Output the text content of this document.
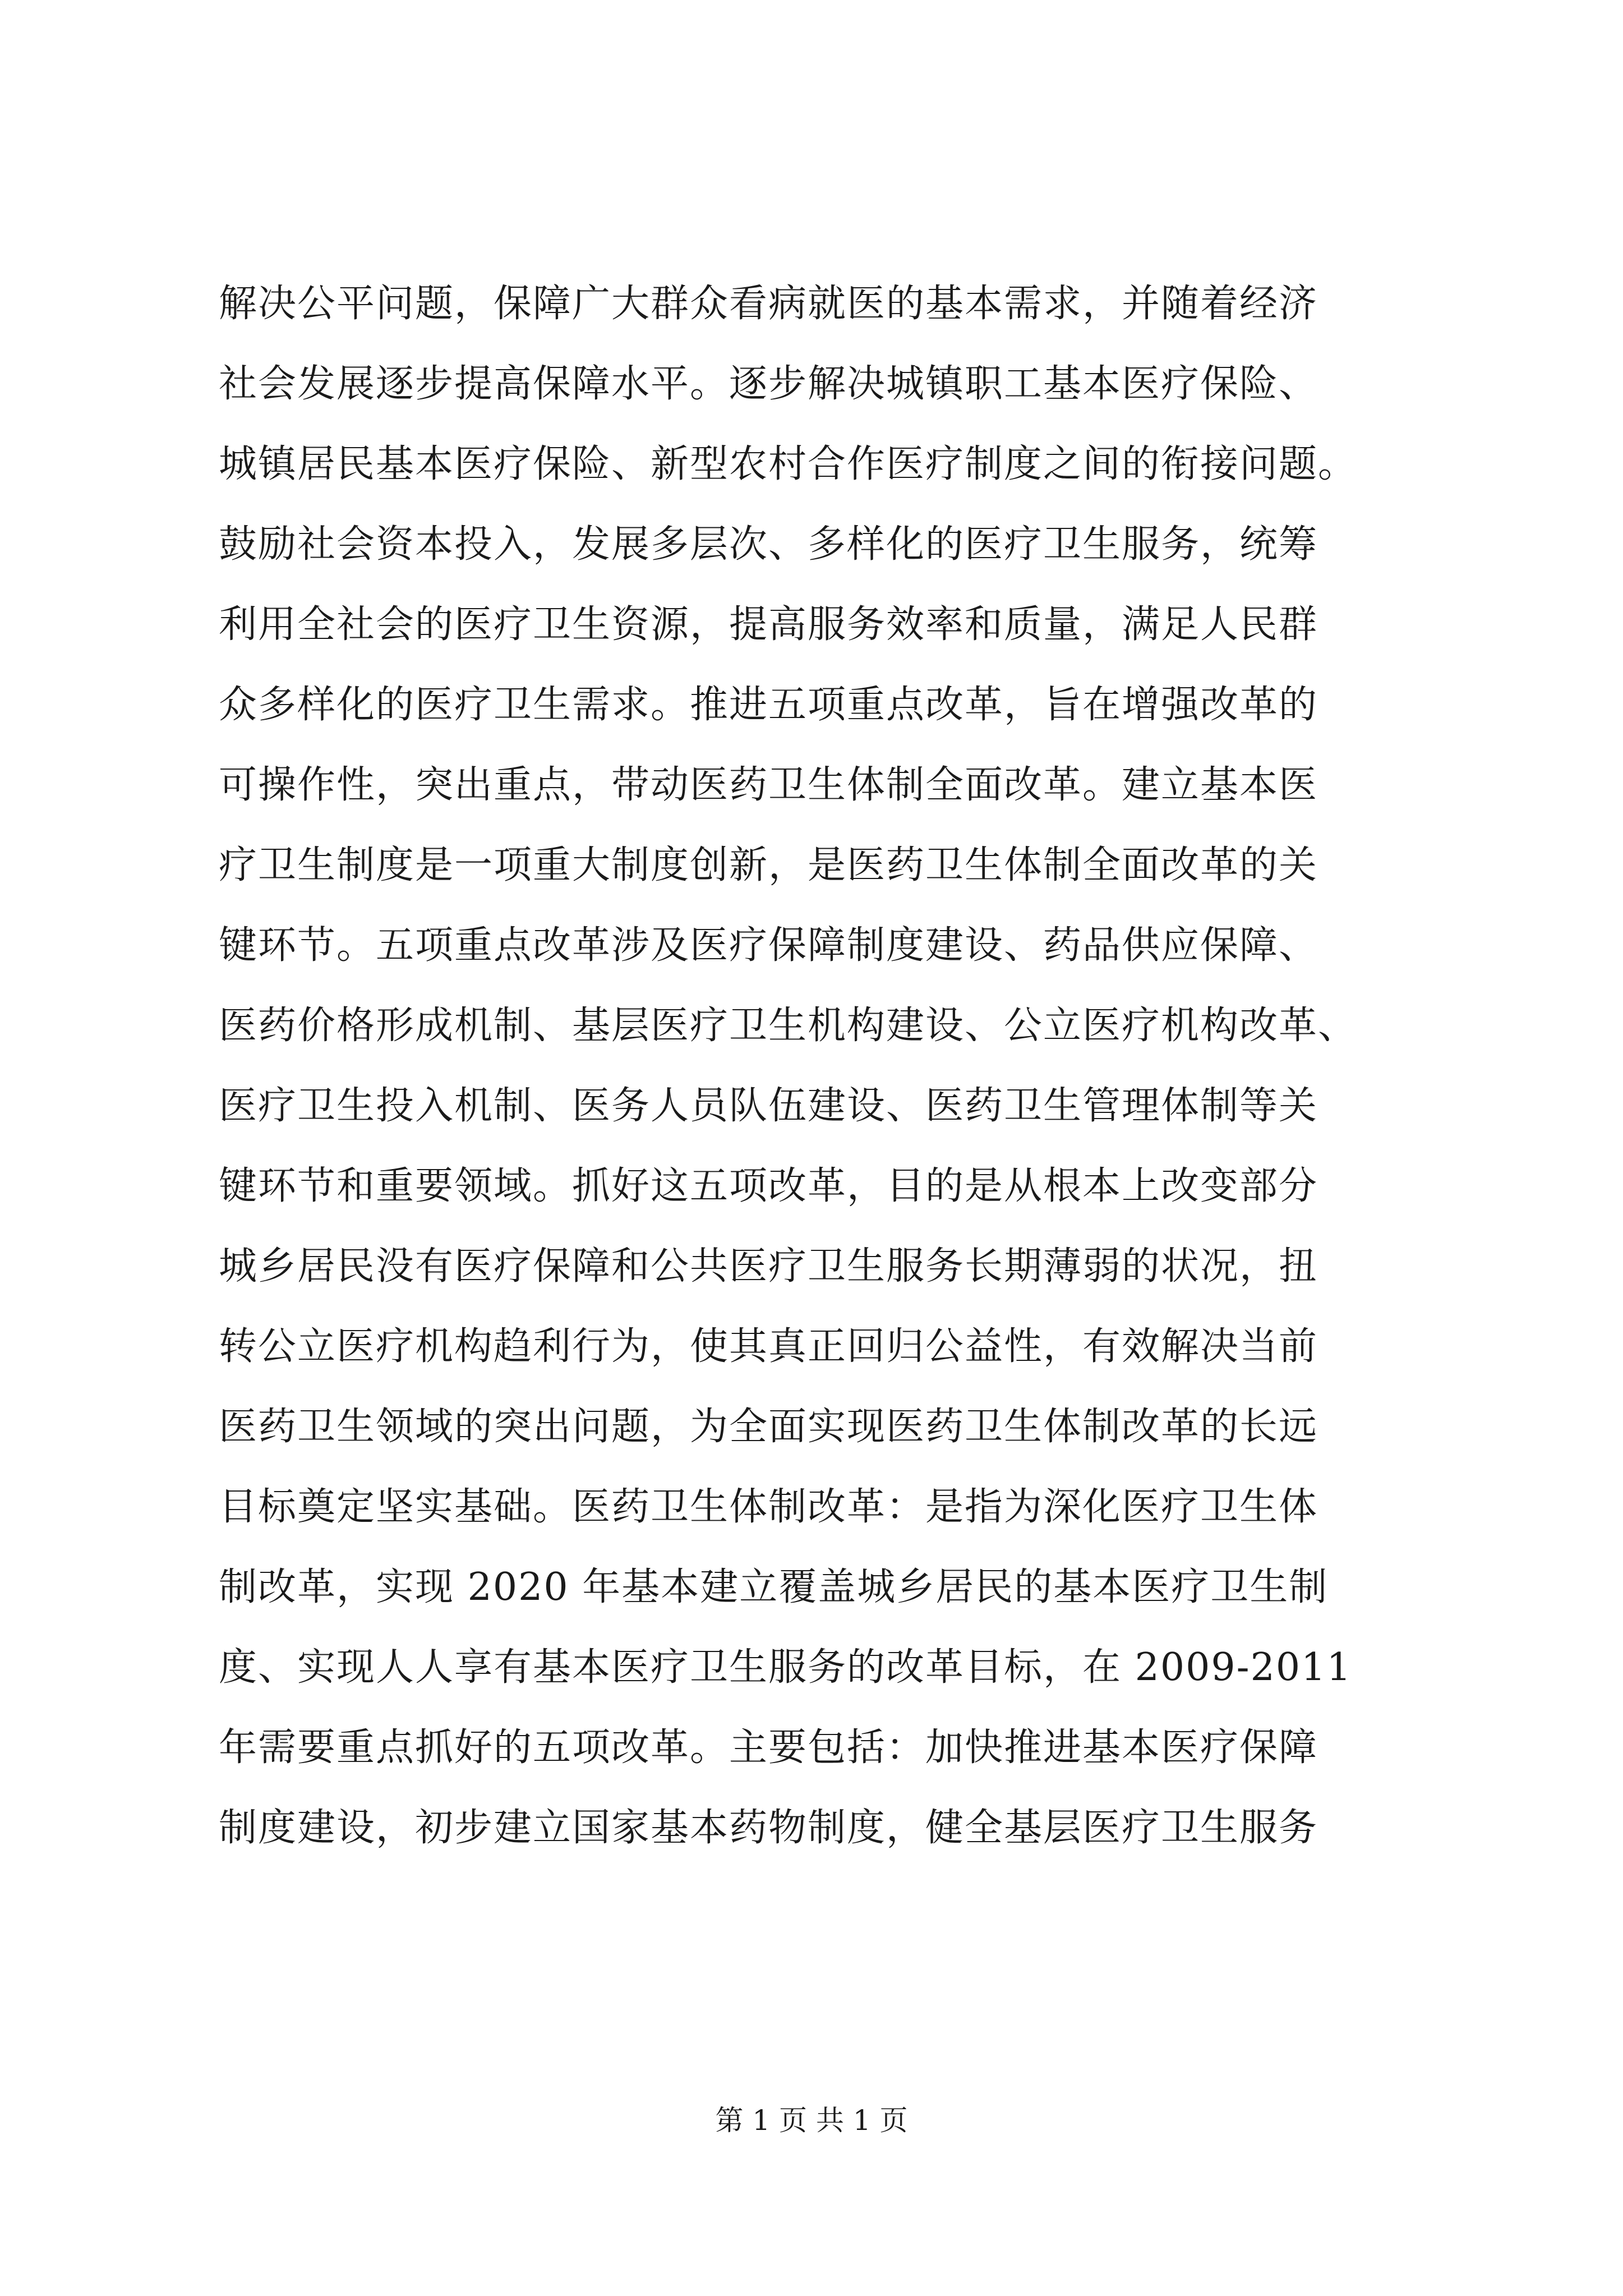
解决公平问题，保障广大群众看病就医的基本需求，并随着经济
社会发展逐步提高保障水平。逐步解决城镇职工基本医疗保险、
城镇居民基本医疗保险、新型农村合作医疗制度之间的衔接问题。
鼓励社会资本投入，发展多层次、多样化的医疗卫生服务，统筹
利用全社会的医疗卫生资源，提高服务效率和质量，满足人民群
众多样化的医疗卫生需求。推进五项重点改革，旨在增强改革的
可操作性，突出重点，带动医药卫生体制全面改革。建立基本医
疗卫生制度是一项重大制度创新，是医药卫生体制全面改革的关
键环节。五项重点改革涉及医疗保障制度建设、药品供应保障、
医药价格形成机制、基层医疗卫生机构建设、公立医疗机构改革、
医疗卫生投入机制、医务人员队伍建设、医药卫生管理体制等关
键环节和重要领域。抓好这五项改革，目的是从根本上改变部分
城乡居民没有医疗保障和公共医疗卫生服务长期薄弱的状况，扭
转公立医疗机构趋利行为，使其真正回归公益性，有效解决当前
医药卫生领域的突出问题，为全面实现医药卫生体制改革的长远
目标奠定坚实基础。医药卫生体制改革：是指为深化医疗卫生体
制改革，实现 2020 年基本建立覆盖城乡居民的基本医疗卫生制
度、实现人人享有基本医疗卫生服务的改革目标，在 2009-2011
年需要重点抓好的五项改革。主要包括：加快推进基本医疗保障
制度建设，初步建立国家基本药物制度，健全基层医疗卫生服务
第 1 页 共 1 页
